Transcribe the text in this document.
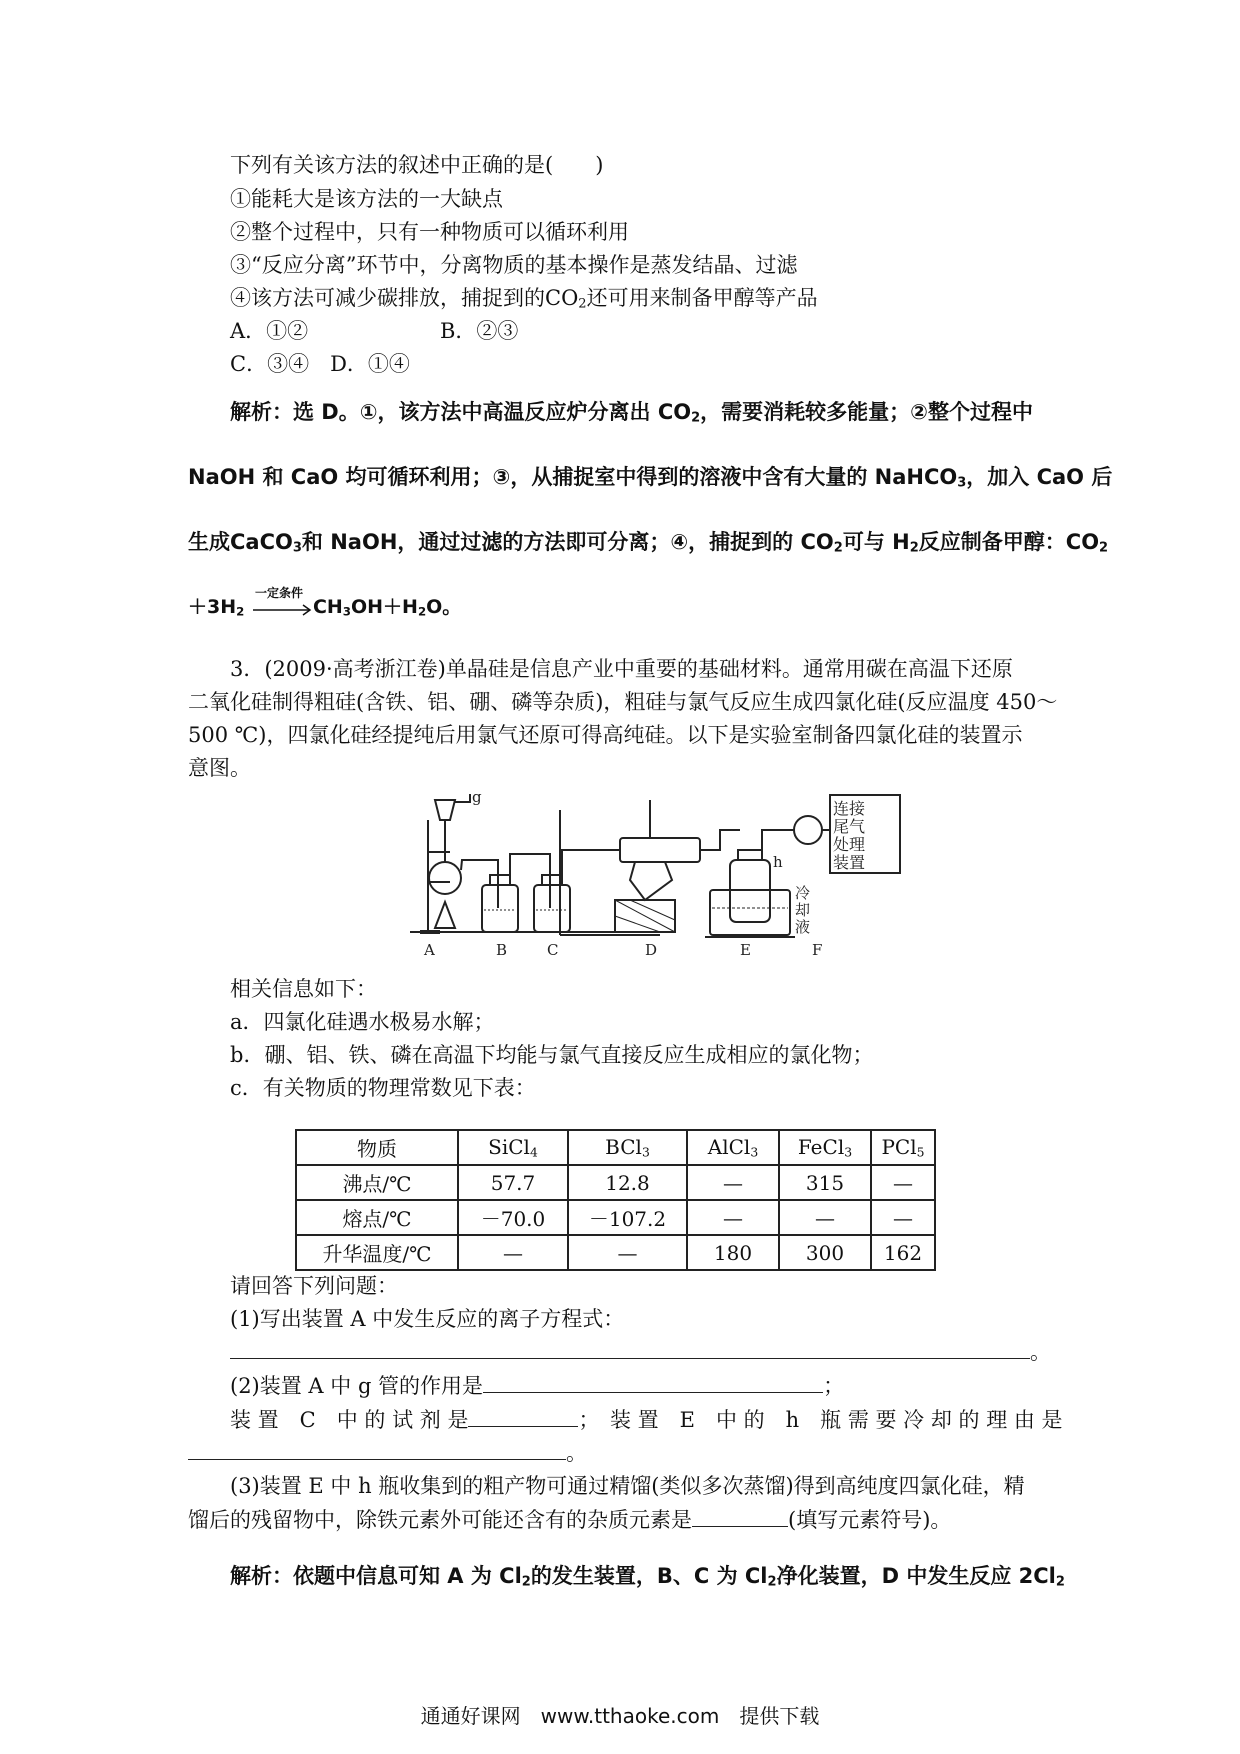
下列有关该方法的叙述中正确的是(　　)
①能耗大是该方法的一大缺点
②整个过程中，只有一种物质可以循环利用
③“反应分离”环节中，分离物质的基本操作是蒸发结晶、过滤
④该方法可减少碳排放，捕捉到的$CO_2$还可用来制备甲醇等产品
A．①②	B．②③
C．③④　D．①④
解析：选 D。①，该方法中高温反应炉分离出 $CO_2$，需要消耗较多能量；②整个过程中
NaOH 和 CaO 均可循环利用；③，从捕捉室中得到的溶液中含有大量的 NaHCO$_3$，加入 CaO 后
生成CaCO$_3$和 NaOH，通过过滤的方法即可分离；④，捕捉到的 $CO_2$可与 $H_2$反应制备甲醇：$CO_2$
$+3H_2$
一定条件
$CH_3OH+H_2O$。
3．(2009·高考浙江卷)单晶硅是信息产业中重要的基础材料。通常用碳在高温下还原
二氧化硅制得粗硅(含铁、铝、硼、磷等杂质)，粗硅与氯气反应生成四氯化硅(反应温度 450～
500 ℃)，四氯化硅经提纯后用氯气还原可得高纯硅。以下是实验室制备四氯化硅的装置示
意图。
g
h
连接
尾气
处理
装置
冷
却
液
A	B	C	D	E	F
相关信息如下：
a．四氯化硅遇水极易水解；
b．硼、铝、铁、磷在高温下均能与氯气直接反应生成相应的氯化物；
c．有关物质的物理常数见下表：
物质	SiCl$_4$	BCl$_3$	AlCl$_3$	FeCl$_3$	PCl$_5$
沸点/℃	57.7	12.8	—	315	—
熔点/℃	－70.0	－107.2	—	—	—
升华温度/℃	—	—	180	300	162
请回答下列问题：
(1)写出装置 A 中发生反应的离子方程式：
。
(2)装置 A 中 g 管的作用是	；
装 置　C　中 的 试 剂 是	；　装 置　E　中 的　h　瓶 需 要 冷 却 的 理 由 是
。
(3)装置 E 中 h 瓶收集到的粗产物可通过精馏(类似多次蒸馏)得到高纯度四氯化硅，精
馏后的残留物中，除铁元素外可能还含有的杂质元素是	(填写元素符号)。
解析：依题中信息可知 A 为 $Cl_2$的发生装置，B、C 为 $Cl_2$净化装置，D 中发生反应 $2Cl_2$
通通好课网　www.tthaoke.com　提供下载
